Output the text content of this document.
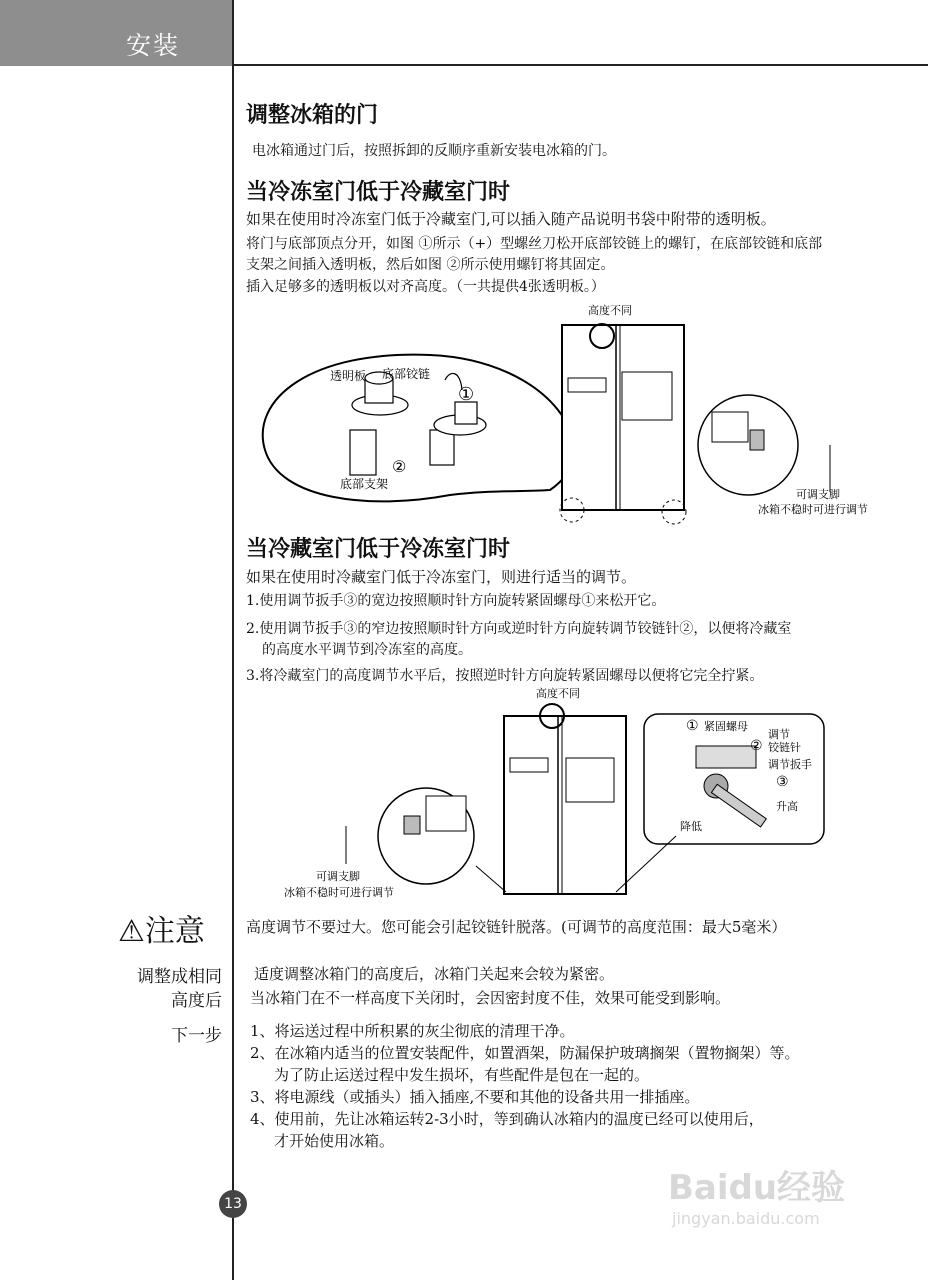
安装
调整冰箱的门
电冰箱通过门后，按照拆卸的反顺序重新安装电冰箱的门。
当冷冻室门低于冷藏室门时
如果在使用时冷冻室门低于冷藏室门,可以插入随产品说明书袋中附带的透明板。
将门与底部顶点分开，如图 ①所示（+）型螺丝刀松开底部铰链上的螺钉，在底部铰链和底部
支架之间插入透明板，然后如图 ②所示使用螺钉将其固定。
插入足够多的透明板以对齐高度。（一共提供4张透明板。）
透明板 底部铰链
底部支架
①
②
高度不同
可调支脚
冰箱不稳时可进行调节
当冷藏室门低于冷冻室门时
如果在使用时冷藏室门低于冷冻室门，则进行适当的调节。
1.使用调节扳手③的宽边按照顺时针方向旋转紧固螺母①来松开它。
2.使用调节扳手③的窄边按照顺时针方向或逆时针方向旋转调节铰链针②，以便将冷藏室
的高度水平调节到冷冻室的高度。
3.将冷藏室门的高度调节水平后，按照逆时针方向旋转紧固螺母以便将它完全拧紧。
高度不同
可调支脚
冰箱不稳时可进行调节
① 紧固螺母
调节
② 铰链针
调节扳手
③
升高
降低
⚠注意	高度调节不要过大。您可能会引起铰链针脱落。(可调节的高度范围：最大5毫米）
调整成相同
高度后
适度调整冰箱门的高度后，冰箱门关起来会较为紧密。
当冰箱门在不一样高度下关闭时，会因密封度不佳，效果可能受到影响。
下一步 1、将运送过程中所积累的灰尘彻底的清理干净。
2、在冰箱内适当的位置安装配件，如置酒架，防漏保护玻璃搁架（置物搁架）等。
为了防止运送过程中发生损坏，有些配件是包在一起的。
3、将电源线（或插头）插入插座,不要和其他的设备共用一排插座。
4、使用前，先让冰箱运转2-3小时，等到确认冰箱内的温度已经可以使用后，
才开始使用冰箱。
13	Baidu经验
jingyan.baidu.com
